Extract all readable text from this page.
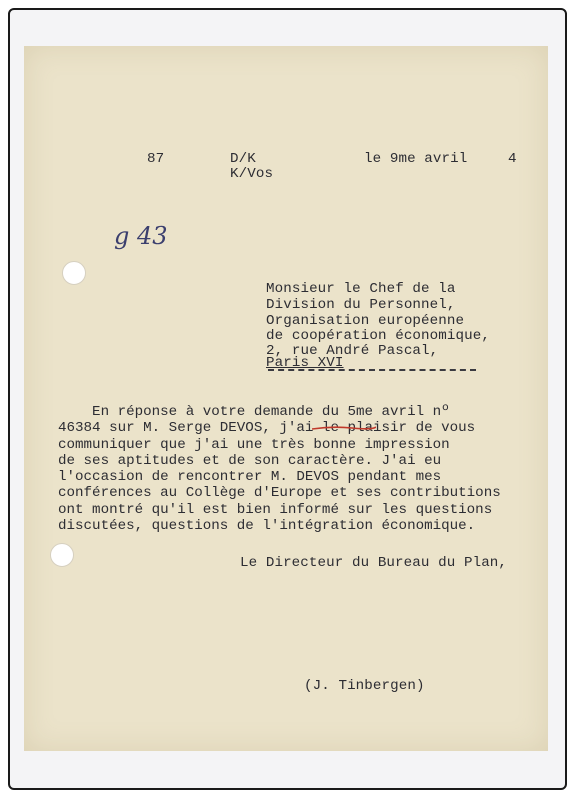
87	D/K
K/Vos
le 9me avril	4
g 43
Monsieur le Chef de la
Division du Personnel,
Organisation européenne
de coopération économique,
2, rue André Pascal,
Paris XVI
En réponse à votre demande du 5me avril nº
46384 sur M. Serge DEVOS, j'ai le plaisir de vous
communiquer que j'ai une très bonne impression
de ses aptitudes et de son caractère. J'ai eu
l'occasion de rencontrer M. DEVOS pendant mes
conférences au Collège d'Europe et ses contributions
ont montré qu'il est bien informé sur les questions
discutées, questions de l'intégration économique.
Le Directeur du Bureau du Plan,
(J. Tinbergen)
